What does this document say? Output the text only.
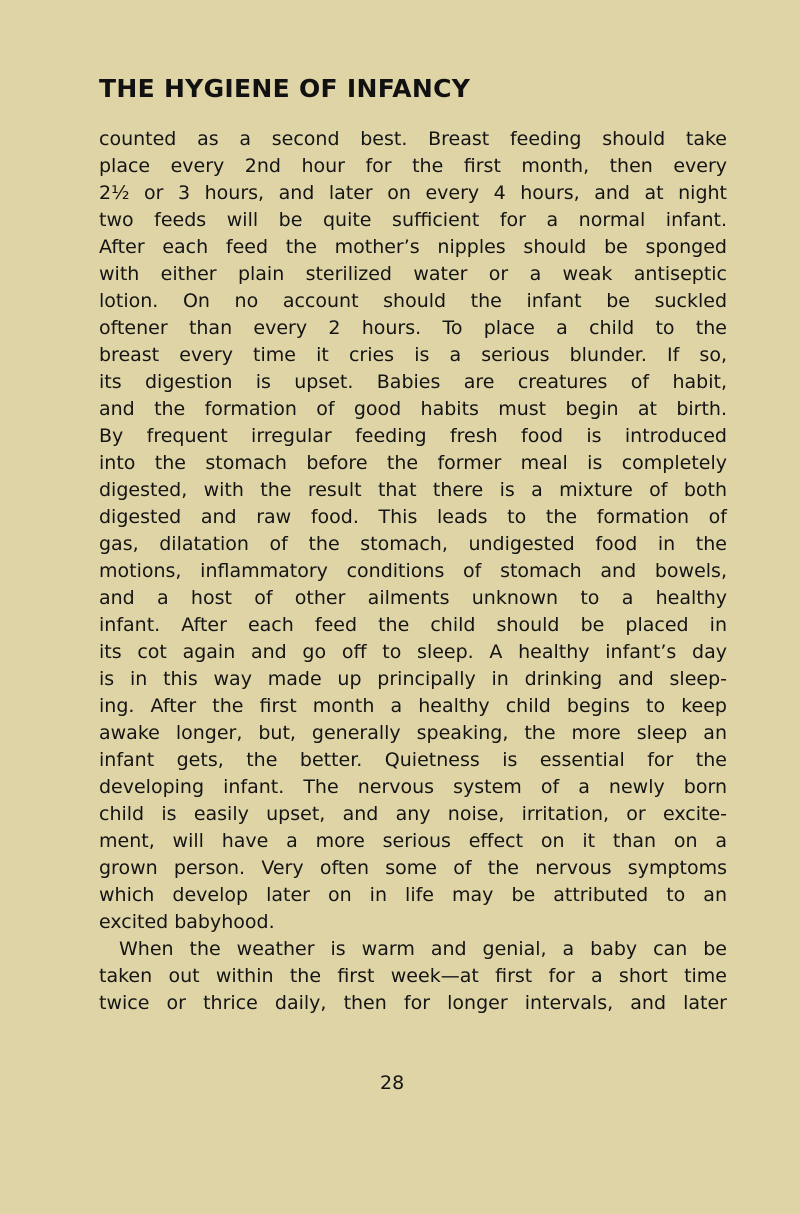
THE HYGIENE OF INFANCY
counted as a second best. Breast feeding should take
place every 2nd hour for the first month, then every
2½ or 3 hours, and later on every 4 hours, and at night
two feeds will be quite sufficient for a normal infant.
After each feed the mother’s nipples should be sponged
with either plain sterilized water or a weak antiseptic
lotion. On no account should the infant be suckled
oftener than every 2 hours. To place a child to the
breast every time it cries is a serious blunder. If so,
its digestion is upset. Babies are creatures of habit,
and the formation of good habits must begin at birth.
By frequent irregular feeding fresh food is introduced
into the stomach before the former meal is completely
digested, with the result that there is a mixture of both
digested and raw food. This leads to the formation of
gas, dilatation of the stomach, undigested food in the
motions, inflammatory conditions of stomach and bowels,
and a host of other ailments unknown to a healthy
infant. After each feed the child should be placed in
its cot again and go off to sleep. A healthy infant’s day
is in this way made up principally in drinking and sleep-
ing. After the first month a healthy child begins to keep
awake longer, but, generally speaking, the more sleep an
infant gets, the better. Quietness is essential for the
developing infant. The nervous system of a newly born
child is easily upset, and any noise, irritation, or excite-
ment, will have a more serious effect on it than on a
grown person. Very often some of the nervous symptoms
which develop later on in life may be attributed to an
excited babyhood.
When the weather is warm and genial, a baby can be
taken out within the first week—at first for a short time
twice or thrice daily, then for longer intervals, and later
28
